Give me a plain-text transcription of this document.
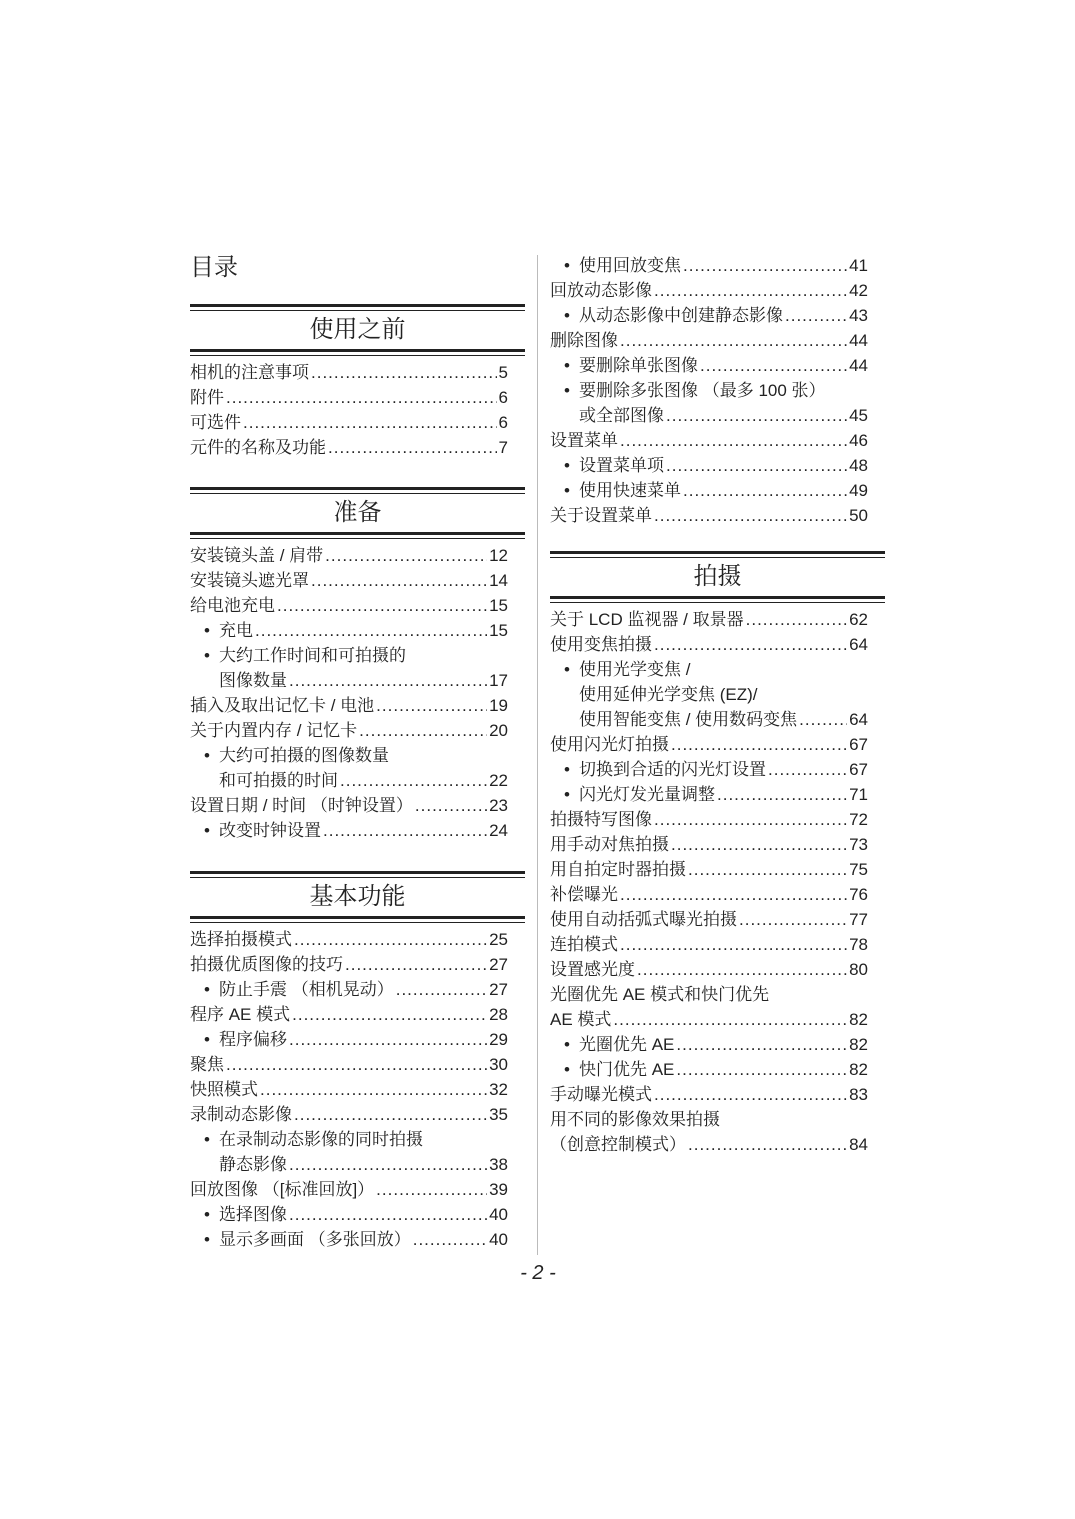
目录
使用之前
相机的注意事项 .....	5
附件 .....	6
可选件 .....	6
元件的名称及功能 .....	7
准备
安装镜头盖 / 肩带 .....	12
安装镜头遮光罩 .....	14
给电池充电 .....	15
• 充电 .....	15
• 大约工作时间和可拍摄的
图像数量 .....	17
插入及取出记忆卡 / 电池 .....	19
关于内置内存 / 记忆卡 .....	20
• 大约可拍摄的图像数量
和可拍摄的时间 .....	22
设置日期 / 时间 （时钟设置） .....	23
• 改变时钟设置 .....	24
基本功能
选择拍摄模式 .....	25
拍摄优质图像的技巧 .....	27
• 防止手震 （相机晃动） .....	27
程序 AE 模式 .....	28
• 程序偏移 .....	29
聚焦 .....	30
快照模式 .....	32
录制动态影像 .....	35
• 在录制动态影像的同时拍摄
静态影像 .....	38
回放图像 （[标准回放]） .....	39
• 选择图像 .....	40
• 显示多画面 （多张回放） .....	40
• 使用回放变焦 .....	41
回放动态影像 .....	42
• 从动态影像中创建静态影像 .....	43
删除图像 .....	44
• 要删除单张图像 .....	44
• 要删除多张图像 （最多 100 张）
或全部图像 .....	45
设置菜单 .....	46
• 设置菜单项 .....	48
• 使用快速菜单 .....	49
关于设置菜单 .....	50
拍摄
关于 LCD 监视器 / 取景器 .....	62
使用变焦拍摄 .....	64
• 使用光学变焦 /
使用延伸光学变焦 (EZ)/
使用智能变焦 / 使用数码变焦 .....	64
使用闪光灯拍摄 .....	67
• 切换到合适的闪光灯设置 .....	67
• 闪光灯发光量调整 .....	71
拍摄特写图像 .....	72
用手动对焦拍摄 .....	73
用自拍定时器拍摄 .....	75
补偿曝光 .....	76
使用自动括弧式曝光拍摄 .....	77
连拍模式 .....	78
设置感光度 .....	80
光圈优先 AE 模式和快门优先
AE 模式 .....	82
• 光圈优先 AE .....	82
• 快门优先 AE .....	82
手动曝光模式 .....	83
用不同的影像效果拍摄
（创意控制模式） .....	84
- 2 -
